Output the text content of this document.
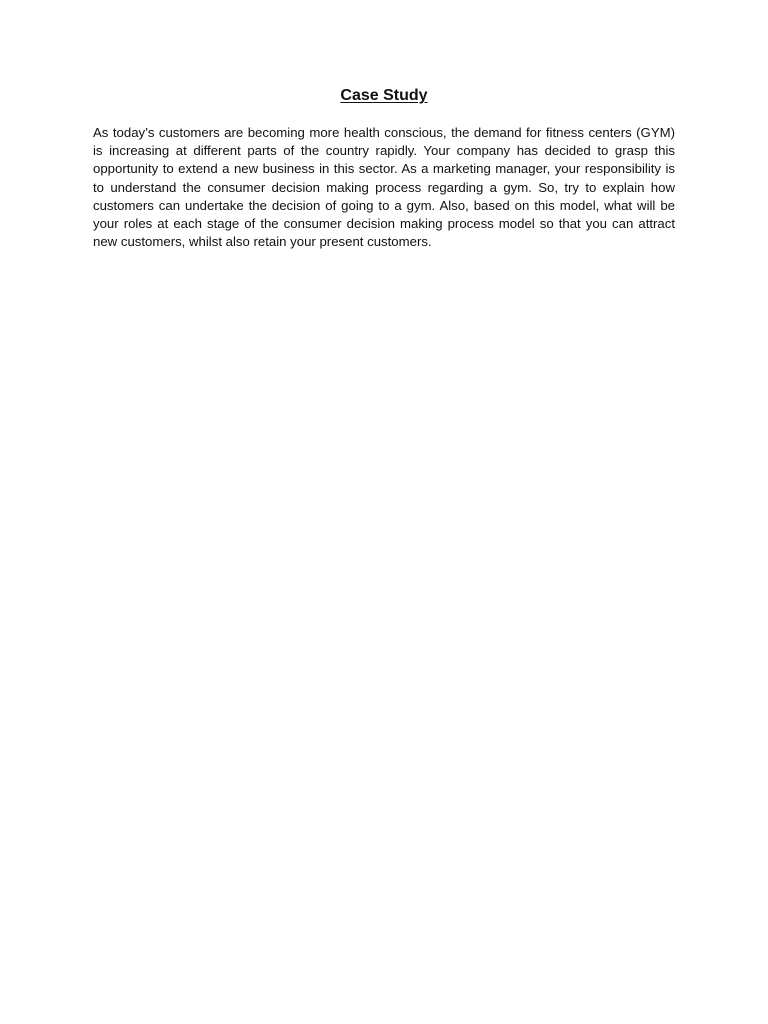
Case Study

As today’s customers are becoming more health conscious, the demand for fitness centers (GYM) is increasing at different parts of the country rapidly. Your company has decided to grasp this opportunity to extend a new business in this sector. As a marketing manager, your responsibility is to understand the consumer decision making process regarding a gym. So, try to explain how customers can undertake the decision of going to a gym. Also, based on this model, what will be your roles at each stage of the consumer decision making process model so that you can attract new customers, whilst also retain your present customers.
